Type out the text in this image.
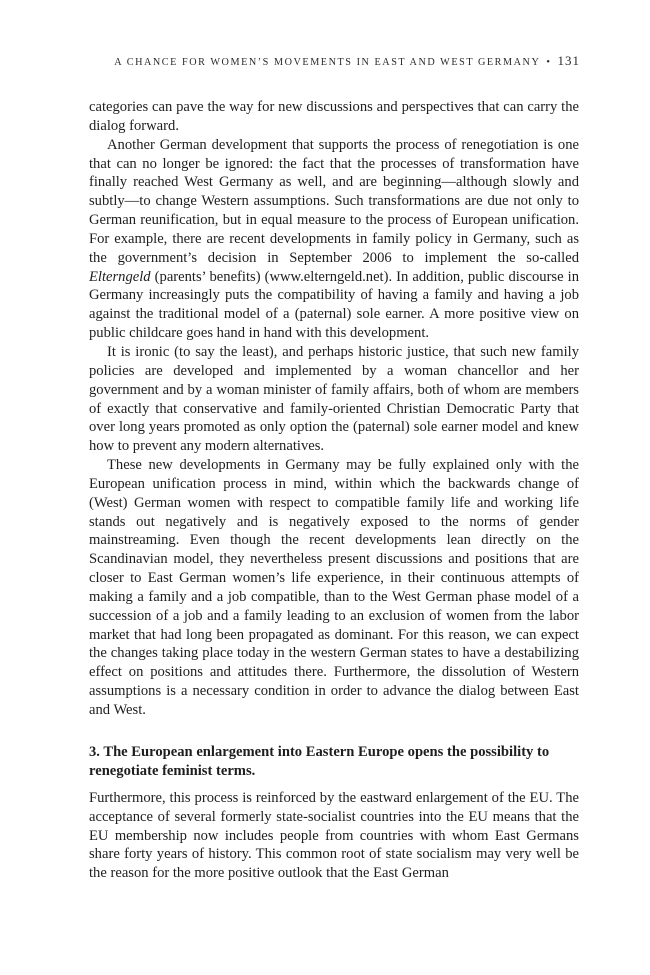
A CHANCE FOR WOMEN’S MOVEMENTS IN EAST AND WEST GERMANY • 131

categories can pave the way for new discussions and perspectives that can carry the dialog forward.

Another German development that supports the process of renegotiation is one that can no longer be ignored: the fact that the processes of transformation have finally reached West Germany as well, and are beginning—although slowly and subtly—to change Western assumptions. Such transformations are due not only to German reunification, but in equal measure to the process of European unification. For example, there are recent developments in family policy in Germany, such as the government’s decision in September 2006 to implement the so-called Elterngeld (parents’ benefits) (www.elterngeld.net). In addition, public discourse in Germany increasingly puts the compatibility of having a family and having a job against the traditional model of a (paternal) sole earner. A more positive view on public childcare goes hand in hand with this development.

It is ironic (to say the least), and perhaps historic justice, that such new family policies are developed and implemented by a woman chancellor and her government and by a woman minister of family affairs, both of whom are members of exactly that conservative and family-oriented Christian Democratic Party that over long years promoted as only option the (paternal) sole earner model and knew how to prevent any modern alternatives.

These new developments in Germany may be fully explained only with the European unification process in mind, within which the backwards change of (West) German women with respect to compatible family life and working life stands out negatively and is negatively exposed to the norms of gender mainstreaming. Even though the recent developments lean directly on the Scandinavian model, they nevertheless present discussions and positions that are closer to East German women’s life experience, in their continuous attempts of making a family and a job compatible, than to the West German phase model of a succession of a job and a family leading to an exclusion of women from the labor market that had long been propagated as dominant. For this reason, we can expect the changes taking place today in the western German states to have a destabilizing effect on positions and attitudes there. Furthermore, the dissolution of Western assumptions is a necessary condition in order to advance the dialog between East and West.

3. The European enlargement into Eastern Europe opens the possibility to renegotiate feminist terms.

Furthermore, this process is reinforced by the eastward enlargement of the EU. The acceptance of several formerly state-socialist countries into the EU means that the EU membership now includes people from countries with whom East Germans share forty years of history. This common root of state socialism may very well be the reason for the more positive outlook that the East German
